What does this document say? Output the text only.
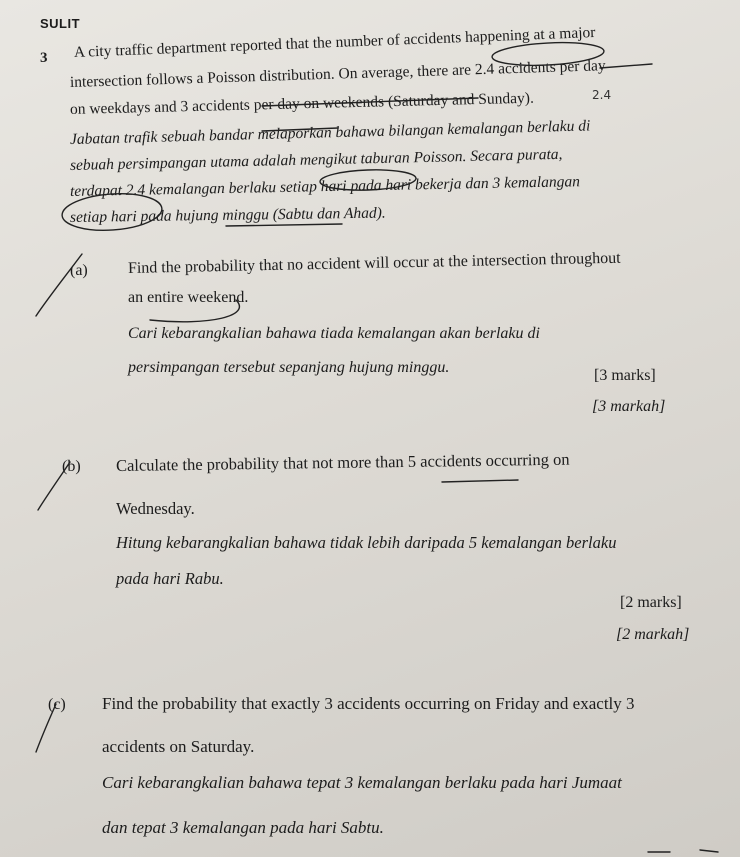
SULIT
3 A city traffic department reported that the number of accidents happening at a major
intersection follows a Poisson distribution. On average, there are 2.4 accidents per day
on weekdays and 3 accidents per day on weekends (Saturday and Sunday).	2.4
Jabatan trafik sebuah bandar melaporkan bahawa bilangan kemalangan berlaku di
sebuah persimpangan utama adalah mengikut taburan Poisson. Secara purata,
terdapat 2.4 kemalangan berlaku setiap hari pada hari bekerja dan 3 kemalangan
setiap hari pada hujung minggu (Sabtu dan Ahad).
(a)	Find the probability that no accident will occur at the intersection throughout
an entire weekend.
Cari kebarangkalian bahawa tiada kemalangan akan berlaku di
persimpangan tersebut sepanjang hujung minggu.	[3 marks]
[3 markah]
(b) Calculate the probability that not more than 5 accidents occurring on
Wednesday.
Hitung kebarangkalian bahawa tidak lebih daripada 5 kemalangan berlaku
pada hari Rabu.
[2 marks]
[2 markah]
(c) Find the probability that exactly 3 accidents occurring on Friday and exactly 3
accidents on Saturday.
Cari kebarangkalian bahawa tepat 3 kemalangan berlaku pada hari Jumaat
dan tepat 3 kemalangan pada hari Sabtu.
